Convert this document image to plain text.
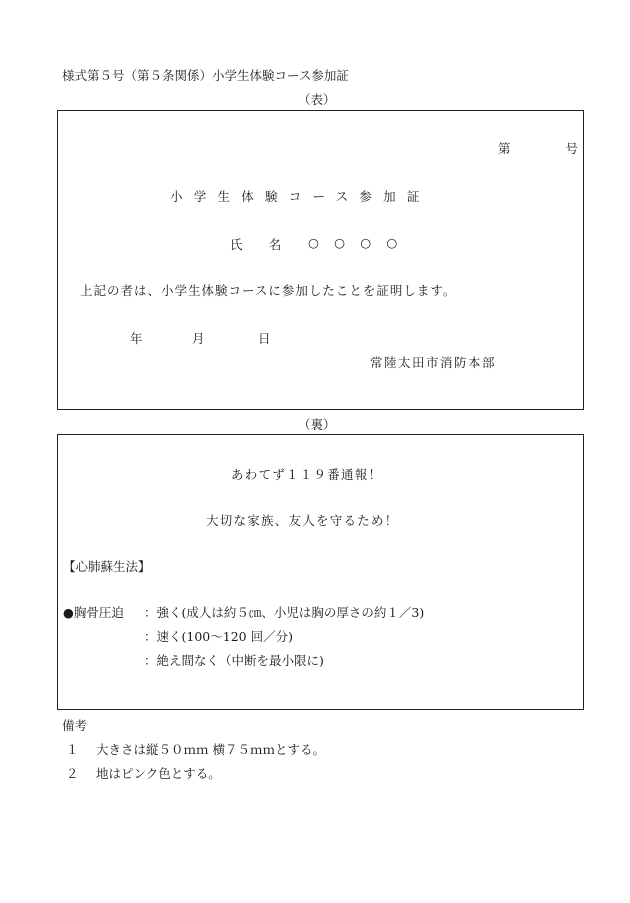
様式第５号（第５条関係）小学生体験コース参加証
（表）
第　　号
小学生体験コース参加証
氏　名 ○ ○ ○ ○
上記の者は、小学生体験コースに参加したことを証明します。
年	月	日
常陸太田市消防本部
（裏）
あわてず１１９番通報！
大切な家族、友人を守るため！
【心肺蘇生法】
●胸骨圧迫 ：強く(成人は約５㎝、小児は胸の厚さの約１／3)
：速く(100〜120 回／分)
：絶え間なく（中断を最小限に)
備考
１ 大きさは縦５０ｍｍ 横７５ｍｍとする。
２ 地はピンク色とする。
